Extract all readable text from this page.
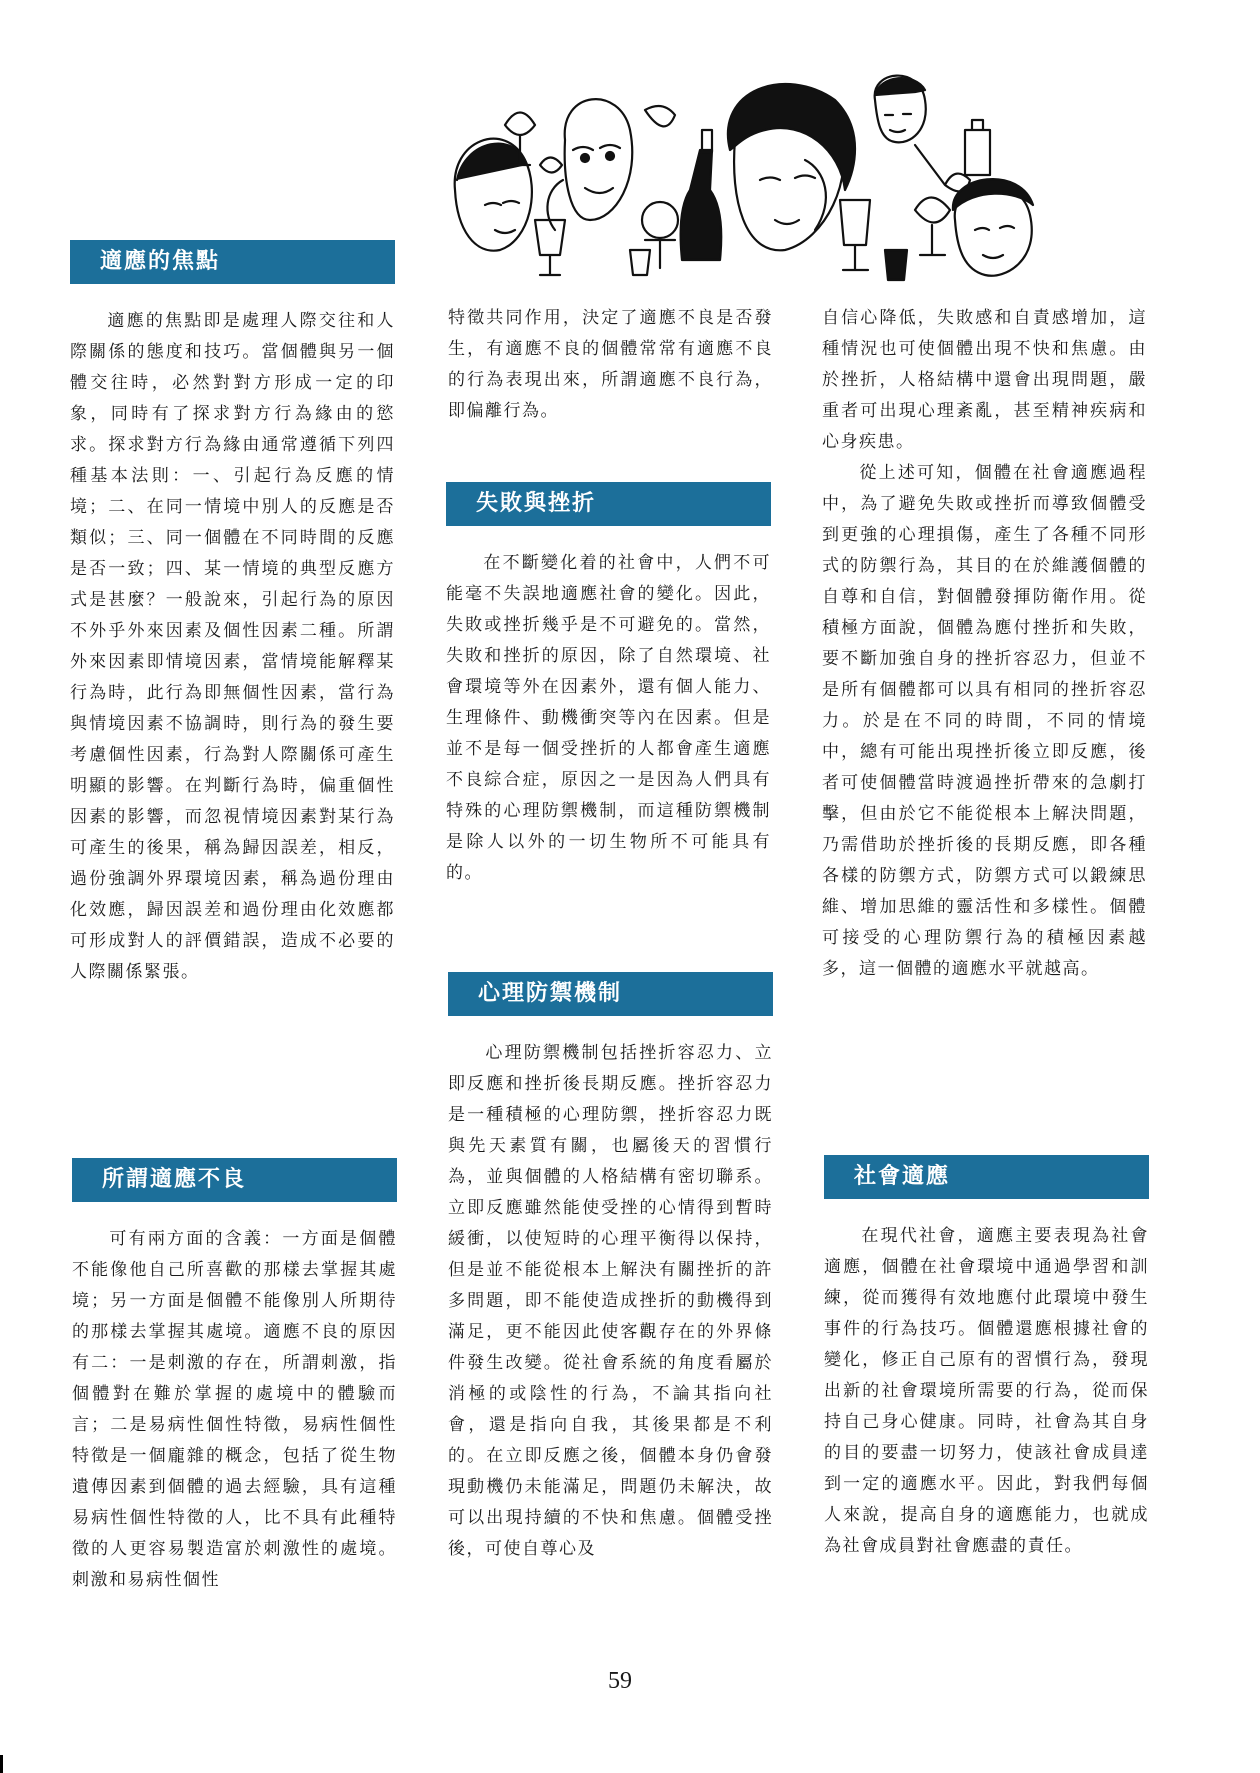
適應的焦點

適應的焦點即是處理人際交往和人際關係的態度和技巧。當個體與另一個體交往時，必然對對方形成一定的印象，同時有了探求對方行為緣由的慾求。探求對方行為緣由通常遵循下列四種基本法則：一、引起行為反應的情境；二、在同一情境中別人的反應是否類似；三、同一個體在不同時間的反應是否一致；四、某一情境的典型反應方式是甚麼？一般說來，引起行為的原因不外乎外來因素及個性因素二種。所謂外來因素即情境因素，當情境能解釋某行為時，此行為即無個性因素，當行為與情境因素不協調時，則行為的發生要考慮個性因素，行為對人際關係可產生明顯的影響。在判斷行為時，偏重個性因素的影響，而忽視情境因素對某行為可產生的後果，稱為歸因誤差，相反，過份強調外界環境因素，稱為過份理由化效應，歸因誤差和過份理由化效應都可形成對人的評價錯誤，造成不必要的人際關係緊張。

所謂適應不良

可有兩方面的含義：一方面是個體不能像他自己所喜歡的那樣去掌握其處境；另一方面是個體不能像別人所期待的那樣去掌握其處境。適應不良的原因有二：一是刺激的存在，所謂刺激，指個體對在難於掌握的處境中的體驗而言；二是易病性個性特徵，易病性個性特徵是一個龐雜的概念，包括了從生物遺傳因素到個體的過去經驗，具有這種易病性個性特徵的人，比不具有此種特徵的人更容易製造富於刺激性的處境。刺激和易病性個性

特徵共同作用，決定了適應不良是否發生，有適應不良的個體常常有適應不良的行為表現出來，所謂適應不良行為，即偏離行為。

失敗與挫折

在不斷變化着的社會中，人們不可能毫不失誤地適應社會的變化。因此，失敗或挫折幾乎是不可避免的。當然，失敗和挫折的原因，除了自然環境、社會環境等外在因素外，還有個人能力、生理條件、動機衝突等內在因素。但是並不是每一個受挫折的人都會產生適應不良綜合症，原因之一是因為人們具有特殊的心理防禦機制，而這種防禦機制是除人以外的一切生物所不可能具有的。

心理防禦機制

心理防禦機制包括挫折容忍力、立即反應和挫折後長期反應。挫折容忍力是一種積極的心理防禦，挫折容忍力既與先天素質有關，也屬後天的習慣行為，並與個體的人格結構有密切聯系。立即反應雖然能使受挫的心情得到暫時緩衝，以使短時的心理平衡得以保持，但是並不能從根本上解決有關挫折的許多問題，即不能使造成挫折的動機得到滿足，更不能因此使客觀存在的外界條件發生改變。從社會系統的角度看屬於消極的或陰性的行為，不論其指向社會，還是指向自我，其後果都是不利的。在立即反應之後，個體本身仍會發現動機仍未能滿足，問題仍未解決，故可以出現持續的不快和焦慮。個體受挫後，可使自尊心及

自信心降低，失敗感和自責感增加，這種情況也可使個體出現不快和焦慮。由於挫折，人格結構中還會出現問題，嚴重者可出現心理紊亂，甚至精神疾病和心身疾患。

從上述可知，個體在社會適應過程中，為了避免失敗或挫折而導致個體受到更強的心理損傷，產生了各種不同形式的防禦行為，其目的在於維護個體的自尊和自信，對個體發揮防衛作用。從積極方面說，個體為應付挫折和失敗，要不斷加強自身的挫折容忍力，但並不是所有個體都可以具有相同的挫折容忍力。於是在不同的時間，不同的情境中，總有可能出現挫折後立即反應，後者可使個體當時渡過挫折帶來的急劇打擊，但由於它不能從根本上解決問題，乃需借助於挫折後的長期反應，即各種各樣的防禦方式，防禦方式可以鍛練思維、增加思維的靈活性和多樣性。個體可接受的心理防禦行為的積極因素越多，這一個體的適應水平就越高。

社會適應

在現代社會，適應主要表現為社會適應，個體在社會環境中通過學習和訓練，從而獲得有效地應付此環境中發生事件的行為技巧。個體還應根據社會的變化，修正自己原有的習慣行為，發現出新的社會環境所需要的行為，從而保持自己身心健康。同時，社會為其自身的目的要盡一切努力，使該社會成員達到一定的適應水平。因此，對我們每個人來說，提高自身的適應能力，也就成為社會成員對社會應盡的責任。

59
